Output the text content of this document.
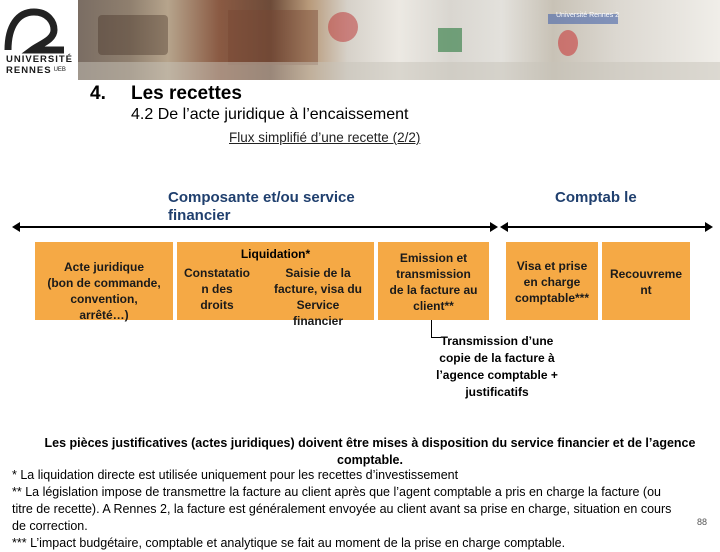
UNIVERSITÉ
RENNES UEB
Université Rennes 2
4. Les recettes
4.2 De l’acte juridique à l’encaissement
Flux simplifié d’une recette (2/2)
Composante et/ou service financier
Comptab le
Acte juridique
(bon de commande,
convention,
arrêté…)
Liquidation*
Constatatio
n des
droits
Saisie de la
facture, visa du
Service
financier
Emission et
transmission
de la facture au
client**
Visa et prise
en charge
comptable***
Recouvreme
nt
Transmission d’une
copie de la facture à
l’agence comptable +
justificatifs
Les pièces justificatives (actes juridiques) doivent être mises à disposition du service financier et de l’agence comptable.
* La liquidation directe est utilisée uniquement pour les recettes d’investissement
** La législation impose de transmettre la facture au client après que l’agent comptable a pris en charge la facture (ou titre de recette). A Rennes 2, la facture est généralement envoyée au client avant sa prise en charge, situation en cours de correction.
*** L’impact budgétaire, comptable et analytique se fait au moment de la prise en charge comptable.
88
